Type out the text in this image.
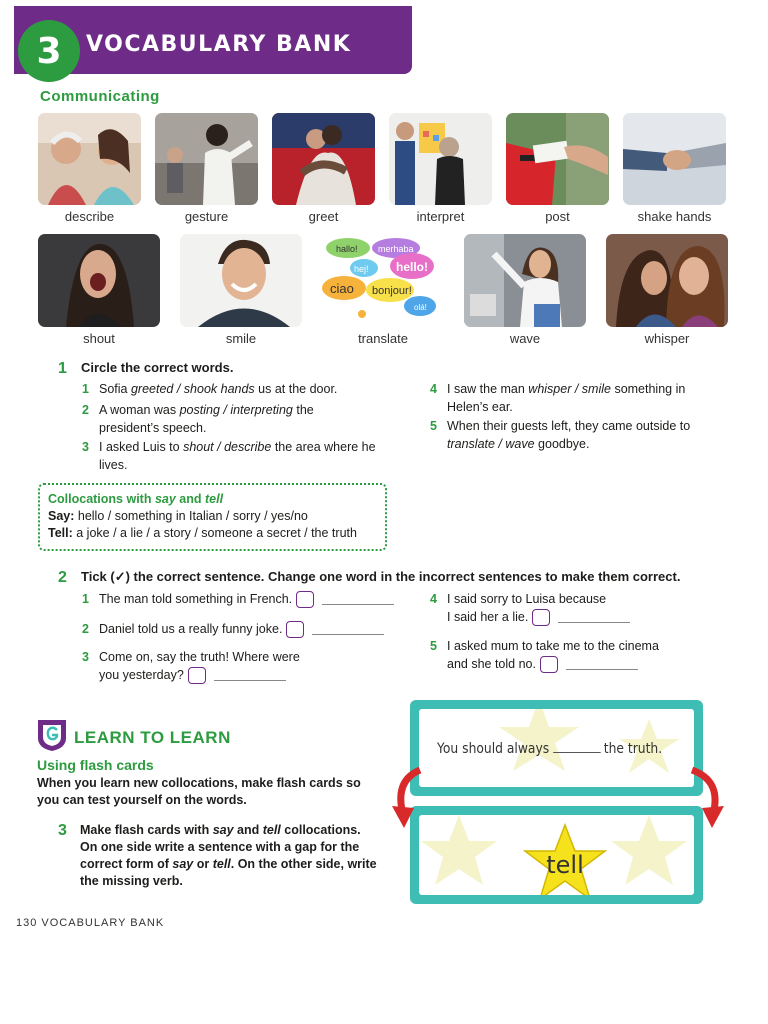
3	VOCABULARY BANK
Communicating
describe	gesture	greet	interpret	post	shake hands
shout	smile
hallo! merhaba
hello!
hej!
ciao bonjour!
olá!
translate	wave	whisper
1 Circle the correct words.
1 Sofia greeted / shook hands us at the door.
2 A woman was posting / interpreting the president’s speech.
3 I asked Luis to shout / describe the area where he lives.
4 I saw the man whisper / smile something in Helen’s ear.
5 When their guests left, they came outside to translate / wave goodbye.
Collocations with say and tell
Say: hello / something in Italian / sorry / yes/no
Tell: a joke / a lie / a story / someone a secret / the truth
2 Tick (✓) the correct sentence. Change one word in the incorrect sentences to make them correct.
1 The man told something in French.
2 Daniel told us a really funny joke.
3 Come on, say the truth! Where were
you yesterday?
4 I said sorry to Luisa because
I said her a lie.
5 I asked mum to take me to the cinema
and she told no.
LEARN TO LEARN
Using flash cards
When you learn new collocations, make flash cards so you can test yourself on the words.
3 Make flash cards with say and tell collocations. On one side write a sentence with a gap for the correct form of say or tell. On the other side, write the missing verb.
You should always	the truth.
tell
130 VOCABULARY BANK
